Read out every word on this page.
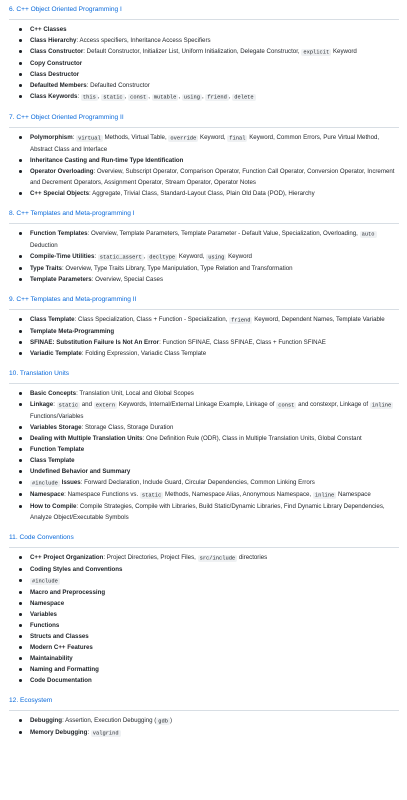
6. C++ Object Oriented Programming I
C++ Classes
Class Hierarchy: Access specifiers, Inheritance Access Specifiers
Class Constructor: Default Constructor, Initializer List, Uniform Initialization, Delegate Constructor, explicit Keyword
Copy Constructor
Class Destructor
Defaulted Members: Defaulted Constructor
Class Keywords: this , static , const , mutable , using , friend , delete
7. C++ Object Oriented Programming II
Polymorphism: virtual Methods, Virtual Table, override Keyword, final Keyword, Common Errors, Pure Virtual Method, Abstract Class and Interface
Inheritance Casting and Run-time Type Identification
Operator Overloading: Overview, Subscript Operator, Comparison Operator, Function Call Operator, Conversion Operator, Increment and Decrement Operators, Assignment Operator, Stream Operator, Operator Notes
C++ Special Objects: Aggregate, Trivial Class, Standard-Layout Class, Plain Old Data (POD), Hierarchy
8. C++ Templates and Meta-programming I
Function Templates: Overview, Template Parameters, Template Parameter - Default Value, Specialization, Overloading, auto Deduction
Compile-Time Utilities: static_assert , decltype Keyword, using Keyword
Type Traits: Overview, Type Traits Library, Type Manipulation, Type Relation and Transformation
Template Parameters: Overview, Special Cases
9. C++ Templates and Meta-programming II
Class Template: Class Specialization, Class + Function - Specialization, friend Keyword, Dependent Names, Template Variable
Template Meta-Programming
SFINAE: Substitution Failure Is Not An Error: Function SFINAE, Class SFINAE, Class + Function SFINAE
Variadic Template: Folding Expression, Variadic Class Template
10. Translation Units
Basic Concepts: Translation Unit, Local and Global Scopes
Linkage: static and extern Keywords, Internal/External Linkage Example, Linkage of const and constexpr, Linkage of inline Functions/Variables
Variables Storage: Storage Class, Storage Duration
Dealing with Multiple Translation Units: One Definition Rule (ODR), Class in Multiple Translation Units, Global Constant
Function Template
Class Template
Undefined Behavior and Summary
#include Issues: Forward Declaration, Include Guard, Circular Dependencies, Common Linking Errors
Namespace: Namespace Functions vs. static Methods, Namespace Alias, Anonymous Namespace, inline Namespace
How to Compile: Compile Strategies, Compile with Libraries, Build Static/Dynamic Libraries, Find Dynamic Library Dependencies, Analyze Object/Executable Symbols
11. Code Conventions
C++ Project Organization: Project Directories, Project Files, src/include directories
Coding Styles and Conventions
#include
Macro and Preprocessing
Namespace
Variables
Functions
Structs and Classes
Modern C++ Features
Maintainability
Naming and Formatting
Code Documentation
12. Ecosystem
Debugging: Assertion, Execution Debugging ( gdb )
Memory Debugging: valgrind
